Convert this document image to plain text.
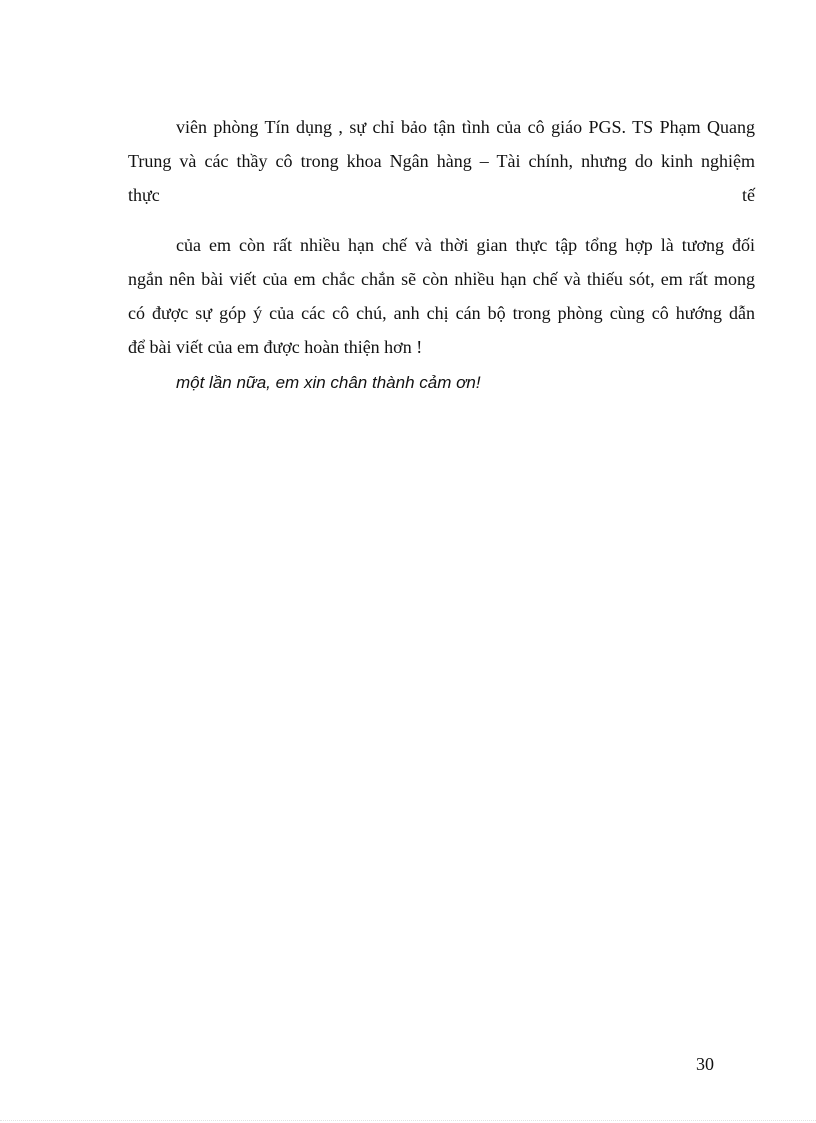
viên phòng Tín dụng , sự chỉ bảo tận tình của cô giáo PGS. TS Phạm Quang
Trung và các thầy cô trong khoa Ngân hàng – Tài chính, nhưng do kinh nghiệm
thực	tế
của em còn rất nhiều hạn chế và thời gian thực tập tổng hợp là tương đối
ngắn nên bài viết của em chắc chắn sẽ còn nhiều hạn chế và thiếu sót, em rất mong
có được sự góp ý của các cô chú, anh chị cán bộ trong phòng cùng cô hướng dẫn
để bài viết của em được hoàn thiện hơn !

một lần nữa, em xin chân thành cảm ơn!

30
